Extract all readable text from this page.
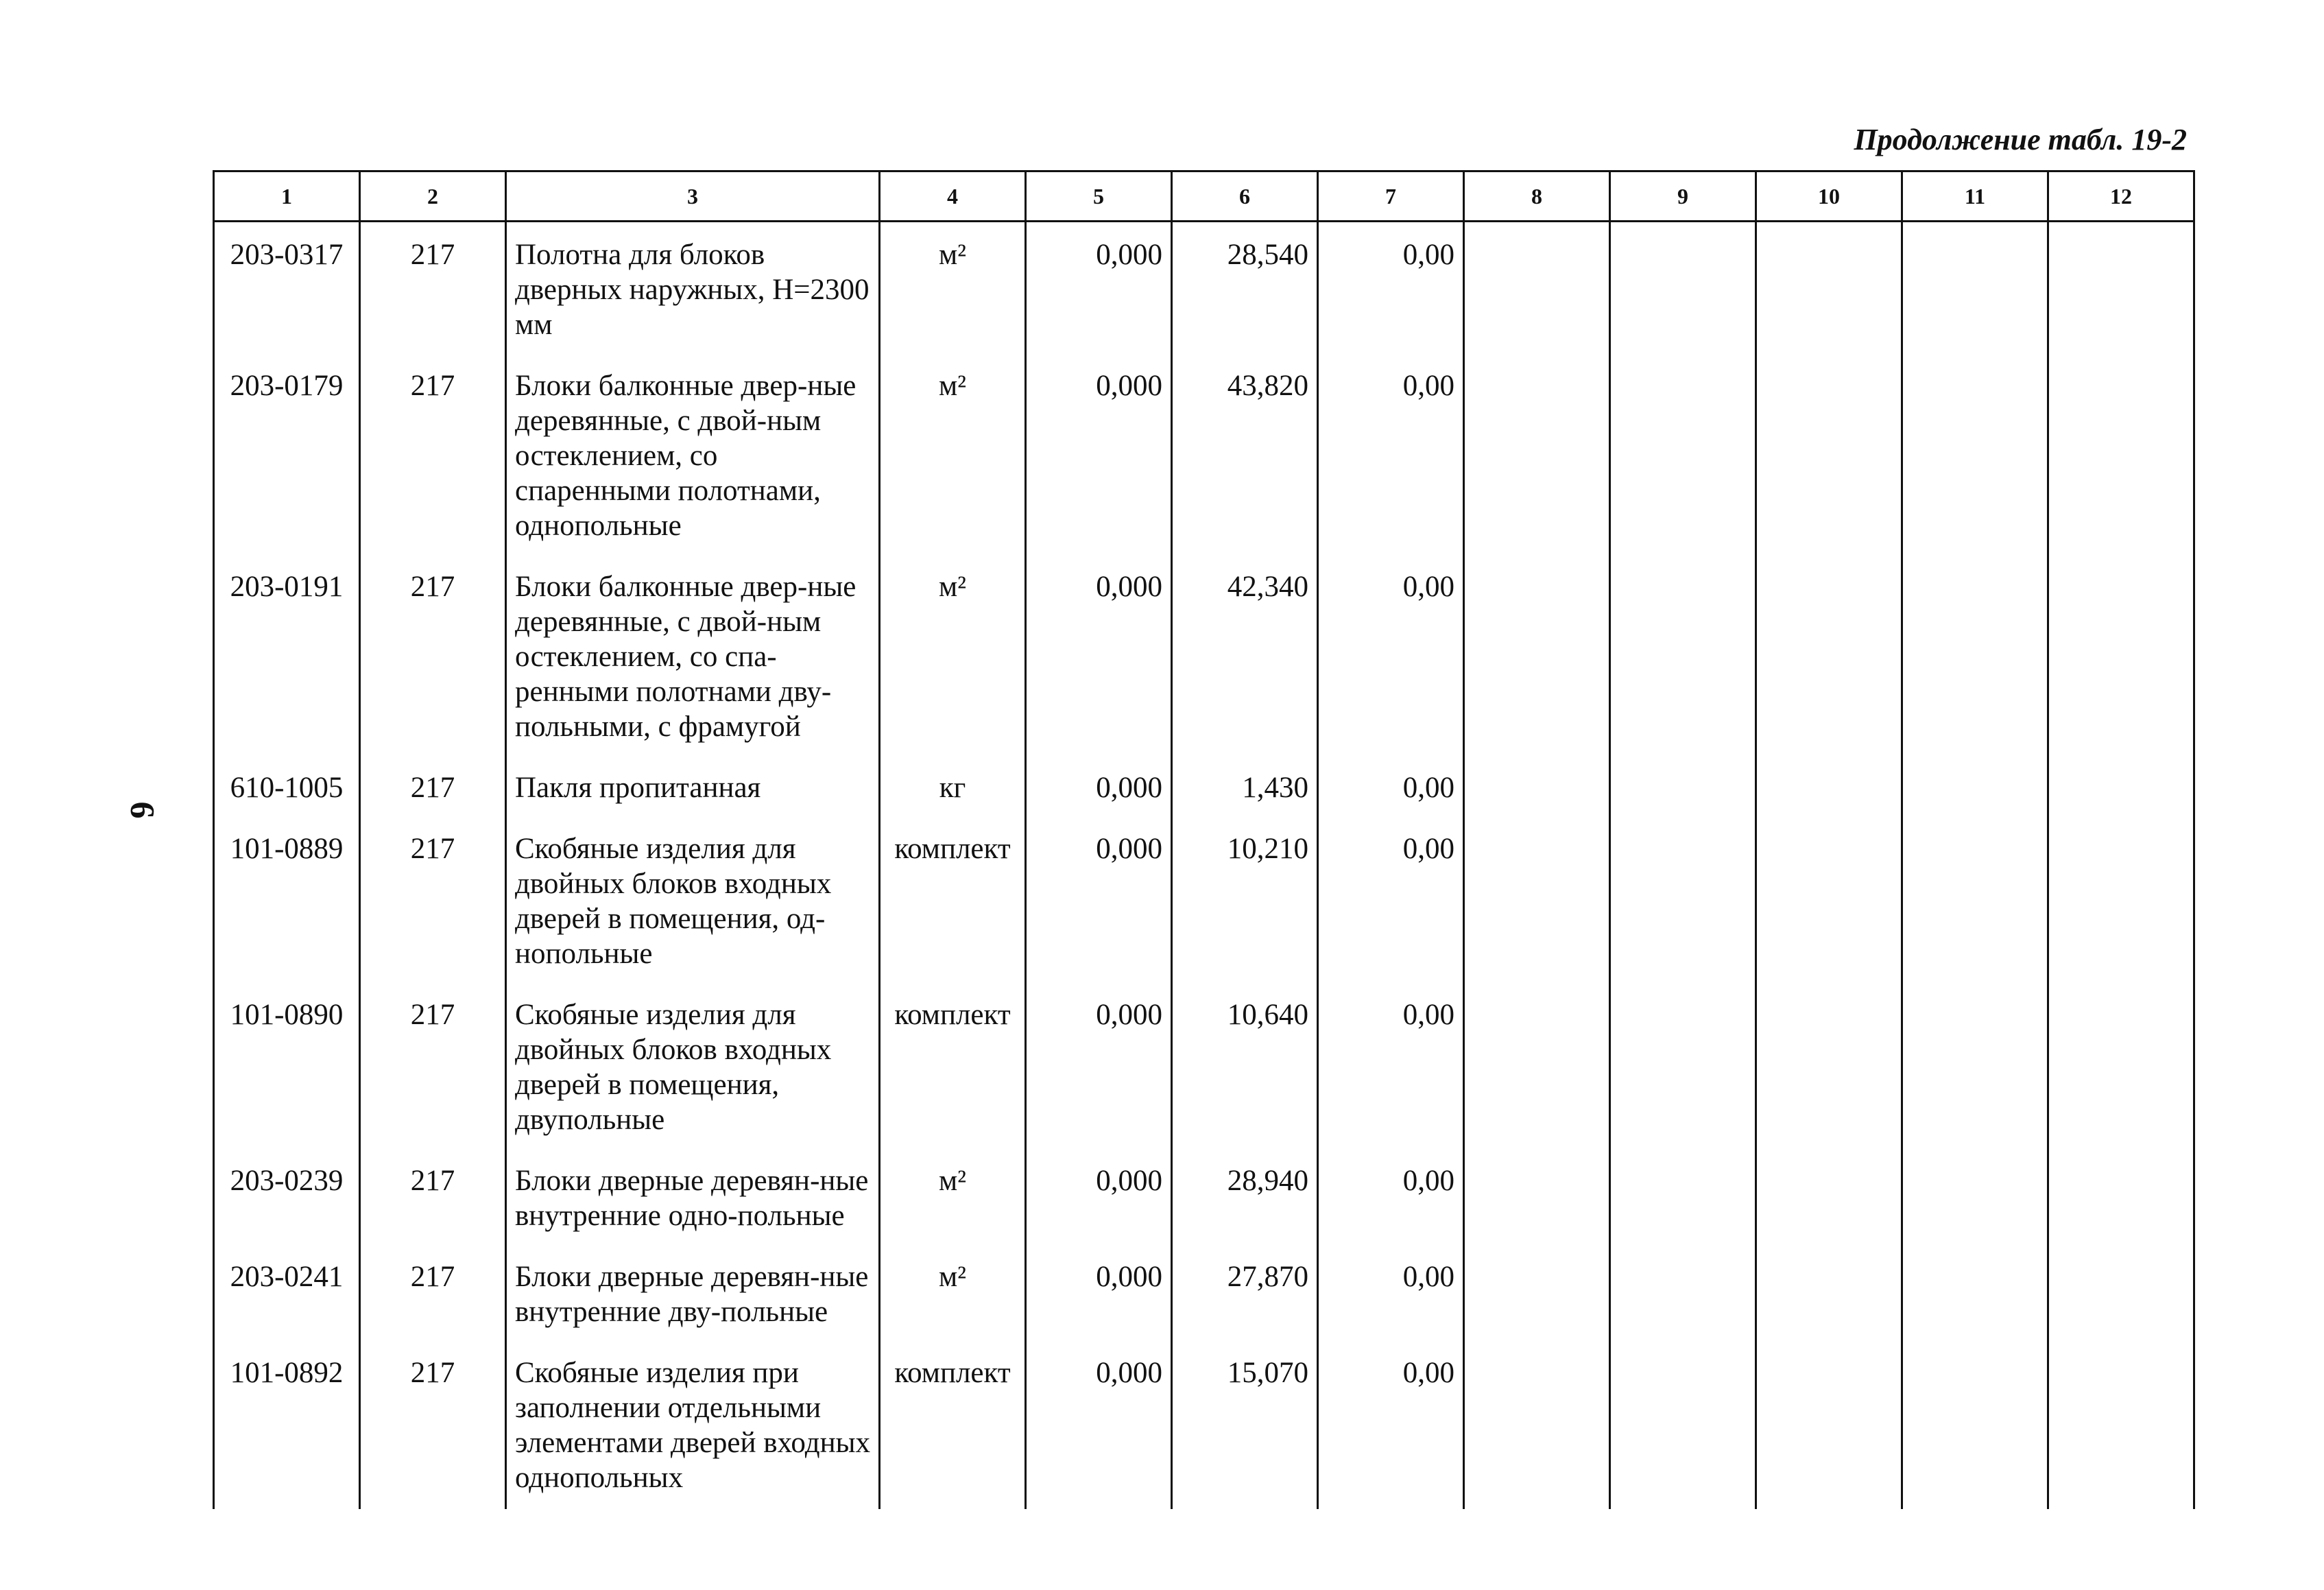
Продолжение табл. 19-2
6
1	2	3	4	5	6	7	8	9	10	11	12
203-0317	217	Полотна для блоков дверных наружных, Н=2300 мм	м²	0,000	28,540	0,00					
203-0179	217	Блоки балконные двер-ные деревянные, с двой-ным остеклением, со спаренными полотнами, однопольные	м²	0,000	43,820	0,00					
203-0191	217	Блоки балконные двер-ные деревянные, с двой-ным остеклением, со спа-ренными полотнами дву-польными, с фрамугой	м²	0,000	42,340	0,00					
610-1005	217	Пакля пропитанная	кг	0,000	1,430	0,00					
101-0889	217	Скобяные изделия для двойных блоков входных дверей в помещения, од-нопольные	комплект	0,000	10,210	0,00					
101-0890	217	Скобяные изделия для двойных блоков входных дверей в помещения, двупольные	комплект	0,000	10,640	0,00					
203-0239	217	Блоки дверные деревян-ные внутренние одно-польные	м²	0,000	28,940	0,00					
203-0241	217	Блоки дверные деревян-ные внутренние дву-польные	м²	0,000	27,870	0,00					
101-0892	217	Скобяные изделия при заполнении отдельными элементами дверей входных однопольных	комплект	0,000	15,070	0,00					
